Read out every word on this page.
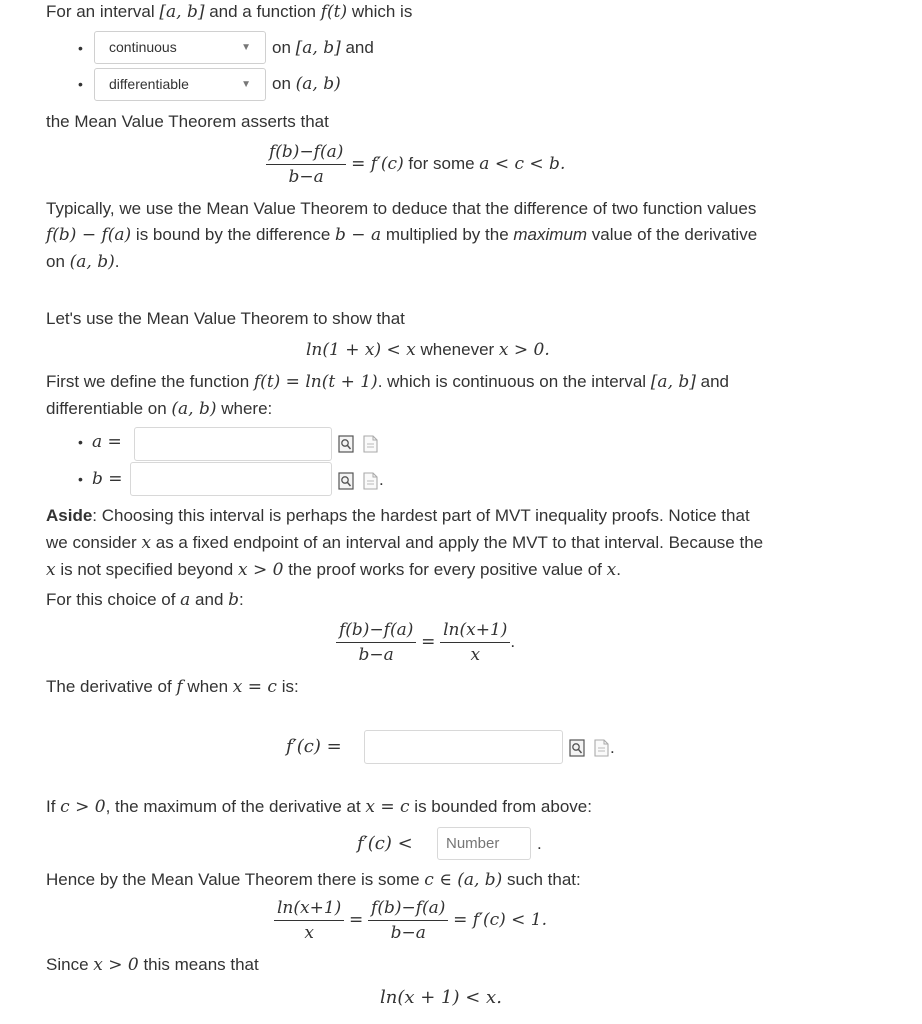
For an interval [a, b] and a function f(t) which is
•	continuous	▼ on [a, b] and
•	differentiable	▼ on (a, b)
the Mean Value Theorem asserts that
$\frac{f(b)-f(a)}{b-a} = f'(c)$ for some a < c < b.
Typically, we use the Mean Value Theorem to deduce that the difference of two function values
f(b) − f(a) is bound by the difference b − a multiplied by the maximum value of the derivative
on (a, b).
Let's use the Mean Value Theorem to show that
ln(1 + x) < x whenever x > 0.
First we define the function f(t) = ln(t + 1). which is continuous on the interval [a, b] and
differentiable on (a, b) where:
• a =
• b =	.
Aside: Choosing this interval is perhaps the hardest part of MVT inequality proofs. Notice that
we consider x as a fixed endpoint of an interval and apply the MVT to that interval. Because the
x is not specified beyond x > 0 the proof works for every positive value of x.
For this choice of a and b:
$\frac{f(b)-f(a)}{b-a} = \frac{\ln(x+1)}{x}$ .
The derivative of f when x = c is:
f′(c) =	.
If c > 0, the maximum of the derivative at x = c is bounded from above:
f′(c) <
Number	.
Hence by the Mean Value Theorem there is some c ∈ (a, b) such that:
$\frac{\ln(x+1)}{x} = \frac{f(b)-f(a)}{b-a} = f'(c) < 1$.
Since x > 0 this means that
ln(x + 1) < x.
